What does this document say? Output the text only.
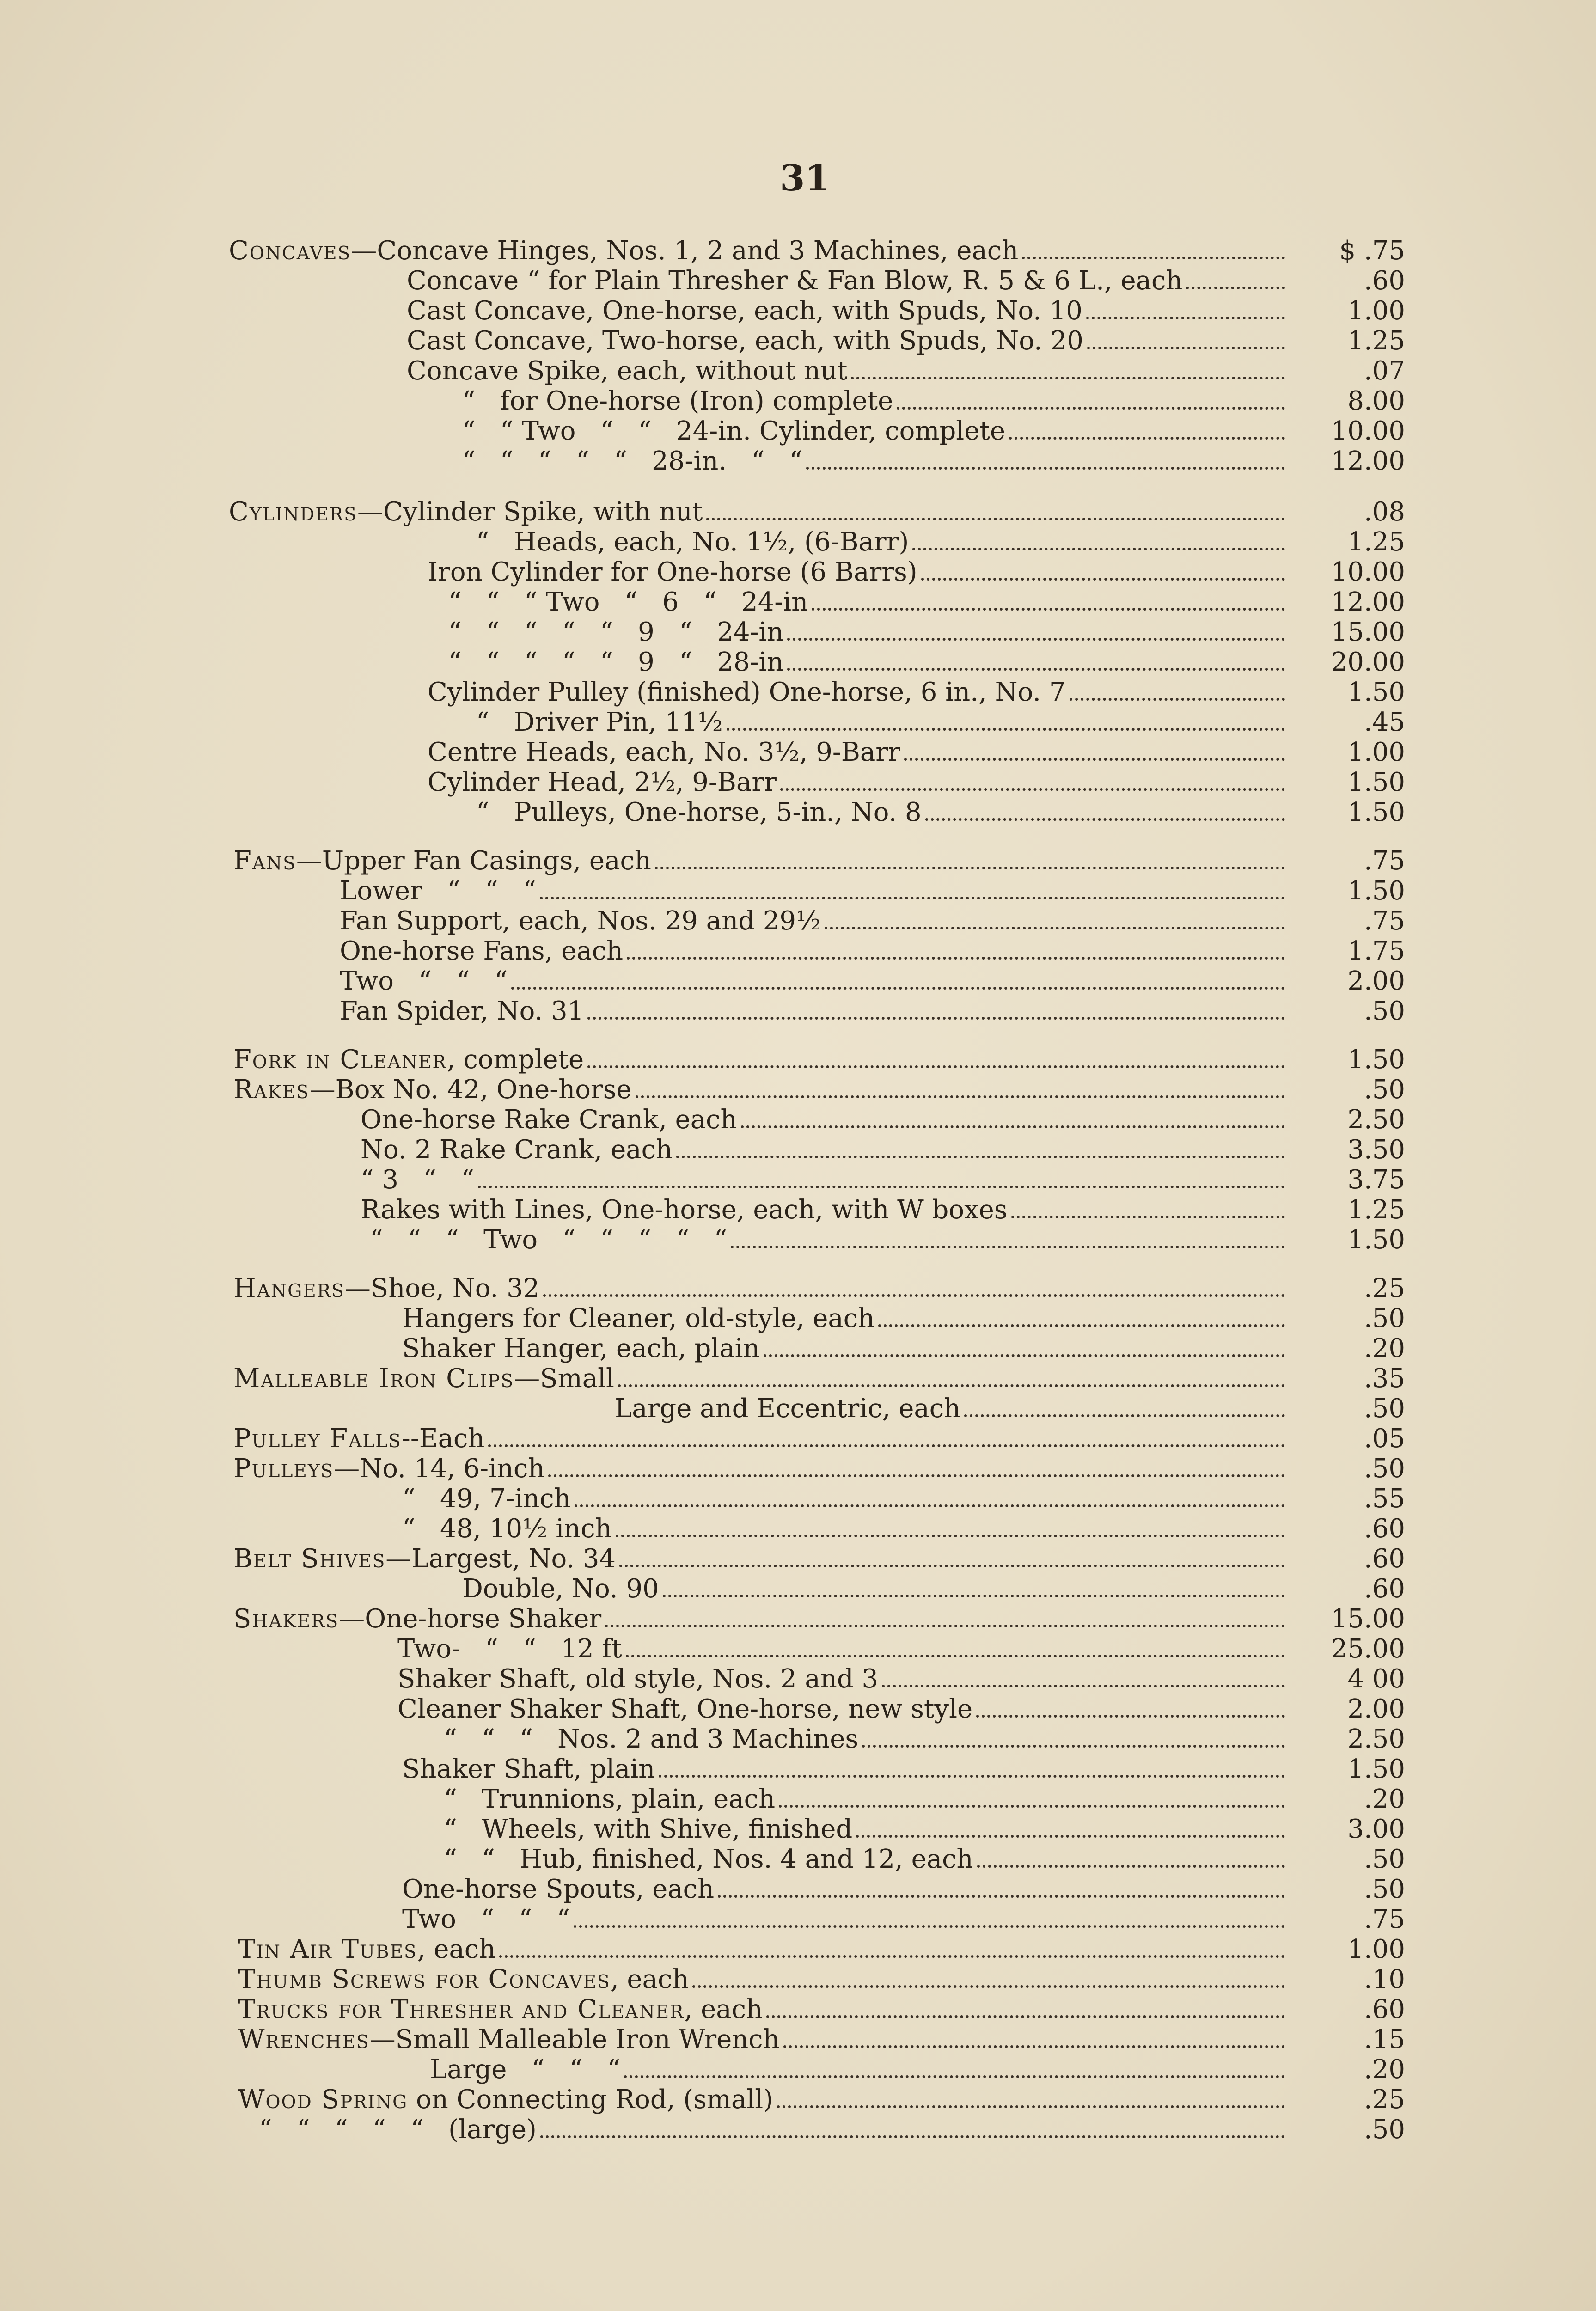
31
Concaves —Concave Hinges, Nos. 1, 2 and 3 Machines, each	$ .75
Concave “ for Plain Thresher & Fan Blow, R. 5 & 6 L., each	.60
Cast Concave, One-horse, each, with Spuds, No. 10	1.00
Cast Concave, Two-horse, each, with Spuds, No. 20	1.25
Concave Spike, each, without nut	.07
“   for One-horse (Iron) complete	8.00
“   “ Two   “   “   24-in. Cylinder, complete	10.00
“   “   “   “   “   28-in.   “   “	12.00
Cylinders —Cylinder Spike, with nut	.08
“   Heads, each, No. 1½, (6-Barr)	1.25
Iron Cylinder for One-horse (6 Barrs)	10.00
“   “   “ Two   “   6   “   24-in	12.00
“   “   “   “   “   9   “   24-in	15.00
“   “   “   “   “   9   “   28-in	20.00
Cylinder Pulley (finished) One-horse, 6 in., No. 7	1.50
“   Driver Pin, 11½	.45
Centre Heads, each, No. 3½, 9-Barr	1.00
Cylinder Head, 2½, 9-Barr	1.50
“   Pulleys, One-horse, 5-in., No. 8	1.50
Fans —Upper Fan Casings, each	.75
Lower   “   “   “	1.50
Fan Support, each, Nos. 29 and 29½	.75
One-horse Fans, each	1.75
Two   “   “   “	2.00
Fan Spider, No. 31	.50
Fork in Cleaner , complete	1.50
Rakes —Box No. 42, One-horse	.50
One-horse Rake Crank, each	2.50
No. 2 Rake Crank, each	3.50
“ 3   “   “	3.75
Rakes with Lines, One-horse, each, with W boxes	1.25
“   “   “   Two   “   “   “   “   “	1.50
Hangers —Shoe, No. 32	.25
Hangers for Cleaner, old-style, each	.50
Shaker Hanger, each, plain	.20
Malleable Iron Clips —Small	.35
Large and Eccentric, each	.50
Pulley Falls --Each	.05
Pulleys —No. 14, 6-inch	.50
“   49, 7-inch	.55
“   48, 10½ inch	.60
Belt Shives —Largest, No. 34	.60
Double, No. 90	.60
Shakers —One-horse Shaker	15.00
Two-   “   “   12 ft	25.00
Shaker Shaft, old style, Nos. 2 and 3	4 00
Cleaner Shaker Shaft, One-horse, new style	2.00
“   “   “   Nos. 2 and 3 Machines	2.50
Shaker Shaft, plain	1.50
“   Trunnions, plain, each	.20
“   Wheels, with Shive, finished	3.00
“   “   Hub, finished, Nos. 4 and 12, each	.50
One-horse Spouts, each	.50
Two   “   “   “	.75
Tin Air Tubes , each	1.00
Thumb Screws for Concaves , each	.10
Trucks for Thresher and Cleaner , each	.60
Wrenches —Small Malleable Iron Wrench	.15
Large   “   “   “	.20
Wood Spring on Connecting Rod, (small)	.25
“   “   “   “   “   (large)	.50
